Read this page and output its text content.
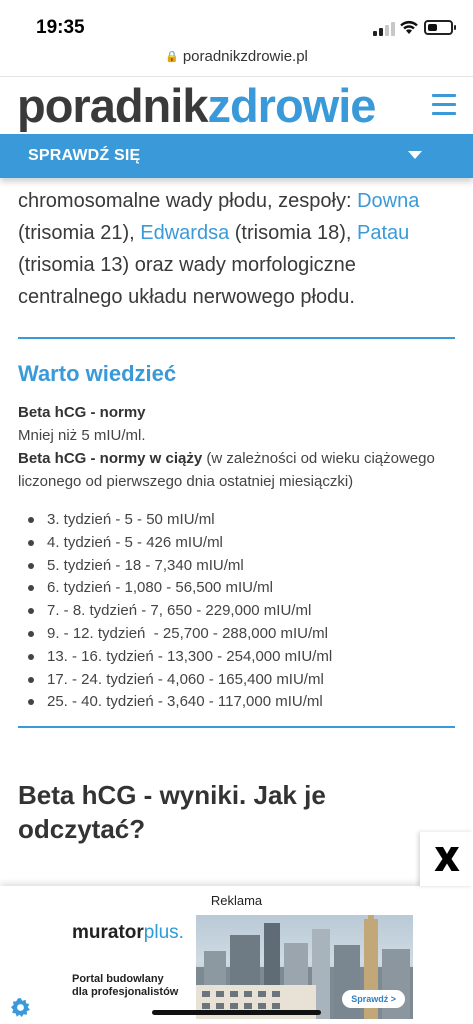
19:35
🔒 poradnikzdrowie.pl
poradnikzdrowie
SPRAWDŹ SIĘ

chromosomalne wady płodu, zespoły: Downa (trisomia 21), Edwardsa (trisomia 18), Patau (trisomia 13) oraz wady morfologiczne centralnego układu nerwowego płodu.

Warto wiedzieć

Beta hCG - normy
Mniej niż 5 mIU/ml.
Beta hCG - normy w ciąży (w zależności od wieku ciążowego liczonego od pierwszego dnia ostatniej miesiączki)

3. tydzień - 5 - 50 mIU/ml
4. tydzień - 5 - 426 mIU/ml
5. tydzień - 18 - 7,340 mIU/ml
6. tydzień - 1,080 - 56,500 mIU/ml
7. - 8. tydzień - 7, 650 - 229,000 mIU/ml
9. - 12. tydzień  - 25,700 - 288,000 mIU/ml
13. - 16. tydzień - 13,300 - 254,000 mIU/ml
17. - 24. tydzień - 4,060 - 165,400 mIU/ml
25. - 40. tydzień - 3,640 - 117,000 mIU/ml
Beta hCG - wyniki. Jak je odczytać?
Reklama
muratorplus.
Portal budowlany dla profesjonalistów
Sprawdź >
